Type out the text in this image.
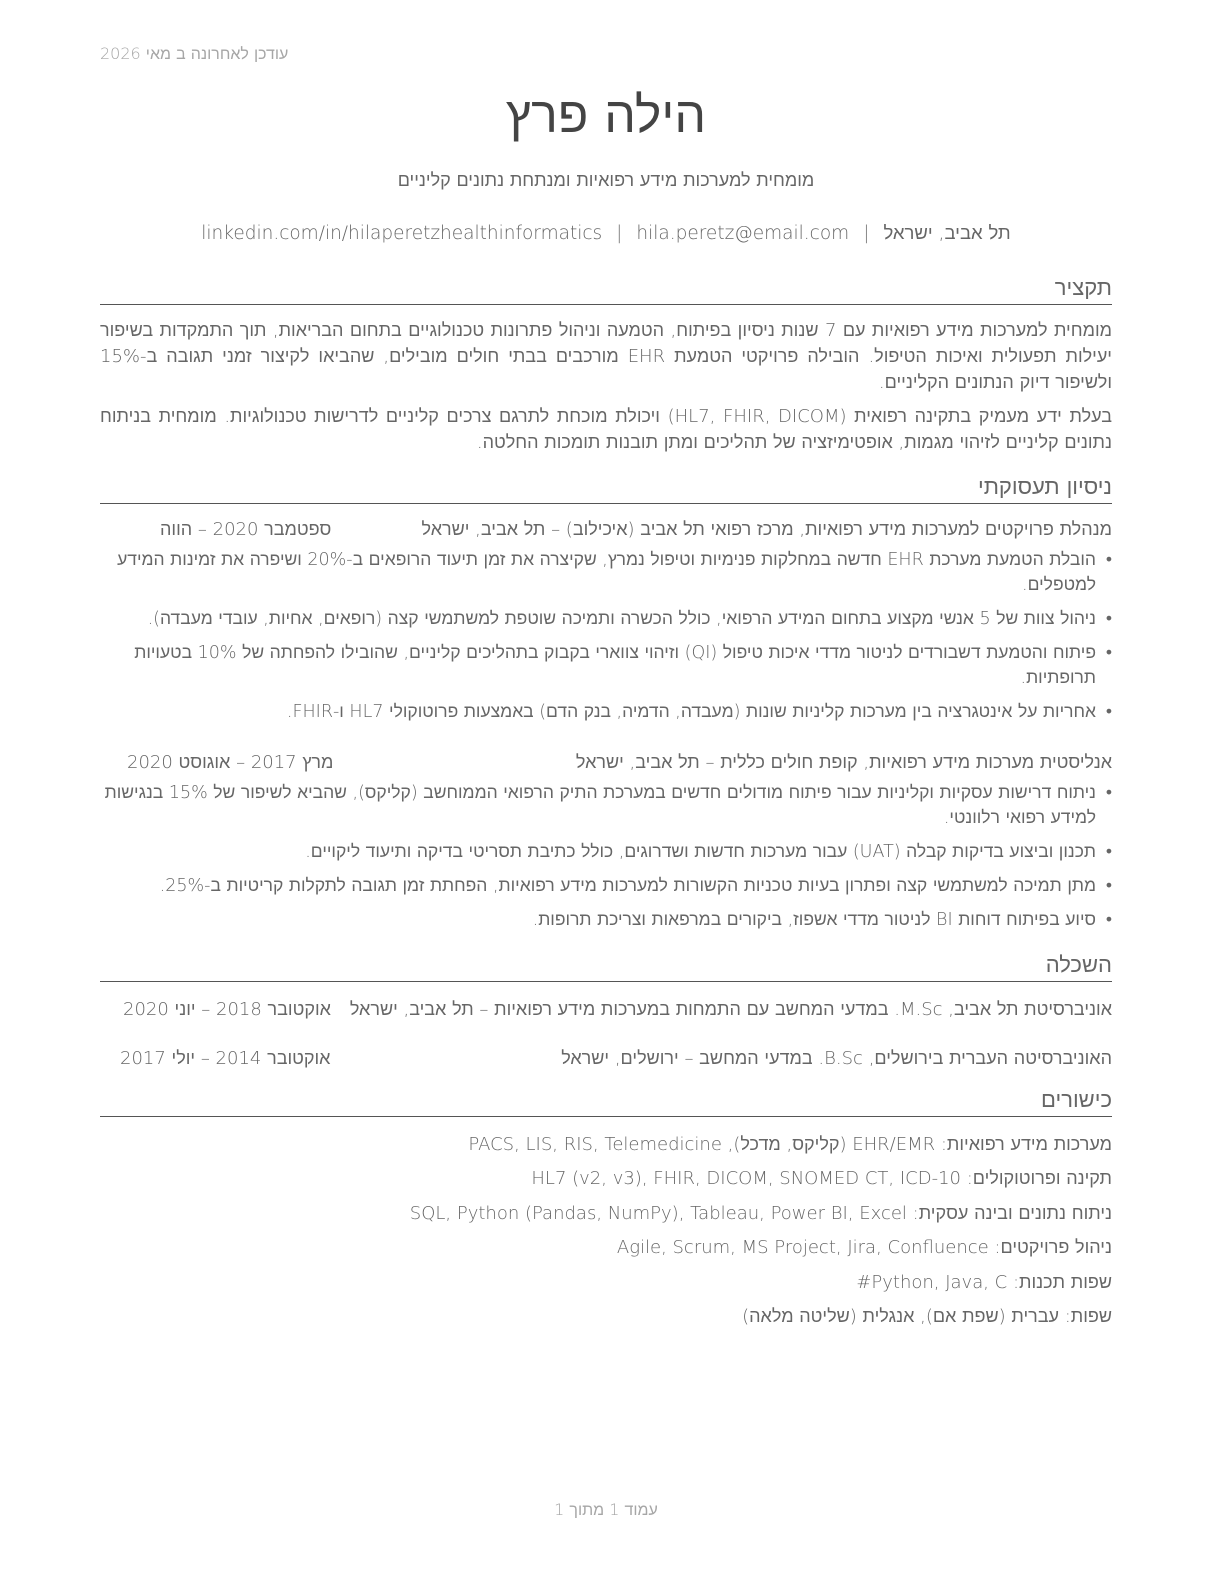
עודכן לאחרונה ב מאי 2026
הילה פרץ
מומחית למערכות מידע רפואיות ומנתחת נתונים קליניים
תל אביב, ישראל|hila.peretz@email.com|linkedin.com/in/hilaperetzhealthinformatics
תקציר
מומחית למערכות מידע רפואיות עם 7 שנות ניסיון בפיתוח, הטמעה וניהול פתרונות טכנולוגיים בתחום הבריאות, תוך התמקדות בשיפור יעילות תפעולית ואיכות הטיפול. הובילה פרויקטי הטמעת EHR מורכבים בבתי חולים מובילים, שהביאו לקיצור זמני תגובה ב-15% ולשיפור דיוק הנתונים הקליניים.
בעלת ידע מעמיק בתקינה רפואית (HL7, FHIR, DICOM) ויכולת מוכחת לתרגם צרכים קליניים לדרישות טכנולוגיות. מומחית בניתוח נתונים קליניים לזיהוי מגמות, אופטימיזציה של תהליכים ומתן תובנות תומכות החלטה.
ניסיון תעסוקתי
מנהלת פרויקטים למערכות מידע רפואיות, מרכז רפואי תל אביב (איכילוב) – תל אביב, ישראל
ספטמבר 2020 – הווה
•
הובלת הטמעת מערכת EHR חדשה במחלקות פנימיות וטיפול נמרץ, שקיצרה את זמן תיעוד הרופאים ב-20% ושיפרה את זמינות המידע למטפלים.
•
ניהול צוות של 5 אנשי מקצוע בתחום המידע הרפואי, כולל הכשרה ותמיכה שוטפת למשתמשי קצה (רופאים, אחיות, עובדי מעבדה).
•
פיתוח והטמעת דשבורדים לניטור מדדי איכות טיפול (QI) וזיהוי צווארי בקבוק בתהליכים קליניים, שהובילו להפחתה של 10% בטעויות תרופתיות.
•
אחריות על אינטגרציה בין מערכות קליניות שונות (מעבדה, הדמיה, בנק הדם) באמצעות פרוטוקולי HL7 ו-FHIR.
אנליסטית מערכות מידע רפואיות, קופת חולים כללית – תל אביב, ישראל
מרץ 2017 – אוגוסט 2020
•
ניתוח דרישות עסקיות וקליניות עבור פיתוח מודולים חדשים במערכת התיק הרפואי הממוחשב (קליקס), שהביא לשיפור של 15% בנגישות למידע רפואי רלוונטי.
•
תכנון וביצוע בדיקות קבלה (UAT) עבור מערכות חדשות ושדרוגים, כולל כתיבת תסריטי בדיקה ותיעוד ליקויים.
•
מתן תמיכה למשתמשי קצה ופתרון בעיות טכניות הקשורות למערכות מידע רפואיות, הפחתת זמן תגובה לתקלות קריטיות ב-25%.
•
סיוע בפיתוח דוחות BI לניטור מדדי אשפוז, ביקורים במרפאות וצריכת תרופות.
השכלה
אוניברסיטת תל אביב, M.Sc. במדעי המחשב עם התמחות במערכות מידע רפואיות – תל אביב, ישראל
אוקטובר 2018 – יוני 2020
האוניברסיטה העברית בירושלים, B.Sc. במדעי המחשב – ירושלים, ישראל
אוקטובר 2014 – יולי 2017
כישורים
מערכות מידע רפואיות: EHR/EMR (קליקס, מדכל), PACS, LIS, RIS, Telemedicine
תקינה ופרוטוקולים: HL7 (v2, v3), FHIR, DICOM, SNOMED CT, ICD-10
ניתוח נתונים ובינה עסקית: SQL, Python (Pandas, NumPy), Tableau, Power BI, Excel
ניהול פרויקטים: Agile, Scrum, MS Project, Jira, Confluence
שפות תכנות: Python, Java, C#
שפות: עברית (שפת אם), אנגלית (שליטה מלאה)
עמוד 1 מתוך 1
